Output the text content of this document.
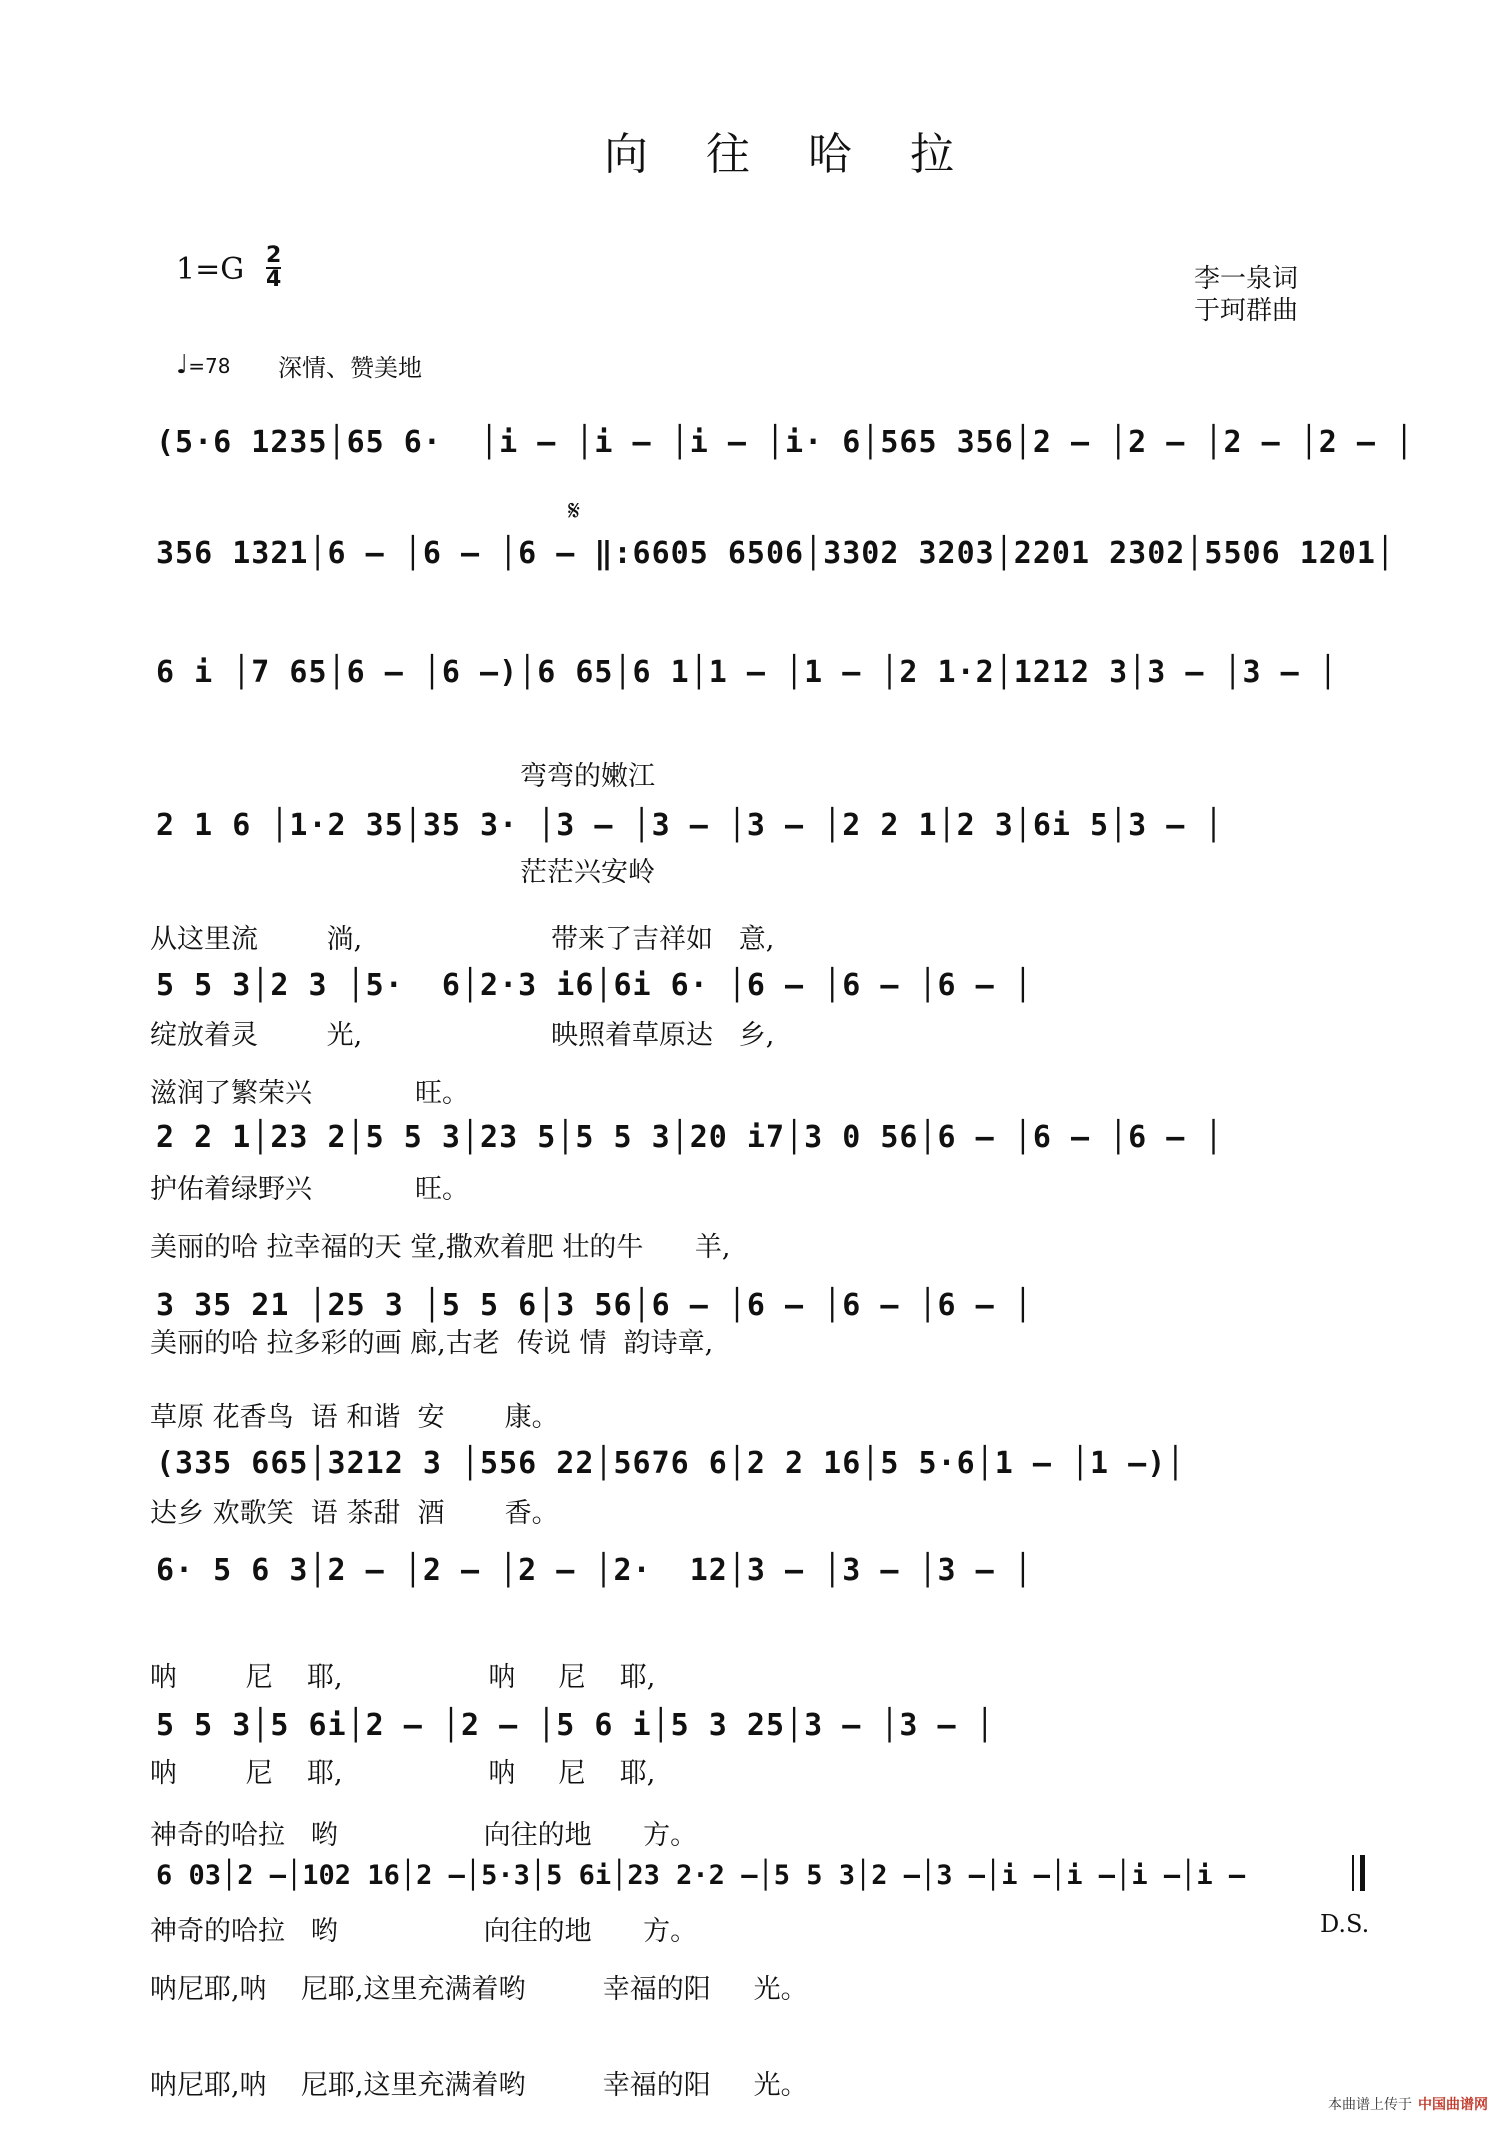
向往哈拉
$1=G \frac{2}{4}$	李一泉词
于珂群曲
♩=78 深情、赞美地
𝄋
(5·6 1235│65 6·  │i – │i – │i – │i· 6│565 356│2 – │2 – │2 – │2 – │
356 1321│6 – │6 – │6 – ‖:6605 6506│3302 3203│2201 2302│5506 1201│
6 i │7 65│6 – │6 –)│6 65│6 1│1 – │1 – │2 1·2│1212 3│3 – │3 – │

弯弯的嫩江

茫茫兴安岭

2 1 6 │1·2 35│35 3· │3 – │3 – │3 – │2 2 1│2 3│6i 5│3 – │

从这里流        淌,                      带来了吉祥如   意,

绽放着灵        光,                      映照着草原达   乡,

5 5 3│2 3 │5·  6│2·3 i6│6i 6· │6 – │6 – │6 – │

滋润了繁荣兴            旺。

护佑着绿野兴            旺。

2 2 1│23 2│5 5 3│23 5│5 5 3│20 i7│3 0 56│6 – │6 – │6 – │

美丽的哈 拉幸福的天 堂,撒欢着肥 壮的牛      羊,

美丽的哈 拉多彩的画 廊,古老  传说 情  韵诗章,

3 35 21 │25 3 │5 5 6│3 56│6 – │6 – │6 – │6 – │

草原 花香鸟  语 和谐  安       康。

达乡 欢歌笑  语 茶甜  酒       香。

(335 665│3212 3 │556 22│5676 6│2 2 16│5 5·6│1 – │1 –)│
6· 5 6 3│2 – │2 – │2 – │2·  12│3 – │3 – │3 – │

呐        尼    耶,                 呐     尼    耶,

呐        尼    耶,                 呐     尼    耶,

5 5 3│5 6i│2 – │2 – │5 6 i│5 3 25│3 – │3 – │

神奇的哈拉   哟                 向往的地      方。

神奇的哈拉   哟                 向往的地      方。

6 03│2 –│102 16│2 –│5·3│5 6i│23 2·2 –│5 5 3│2 –│3 –│i –│i –│i –│i –

呐尼耶,呐    尼耶,这里充满着哟         幸福的阳     光。

呐尼耶,呐    尼耶,这里充满着哟         幸福的阳     光。

D.S.
本曲谱上传于 中国曲谱网
